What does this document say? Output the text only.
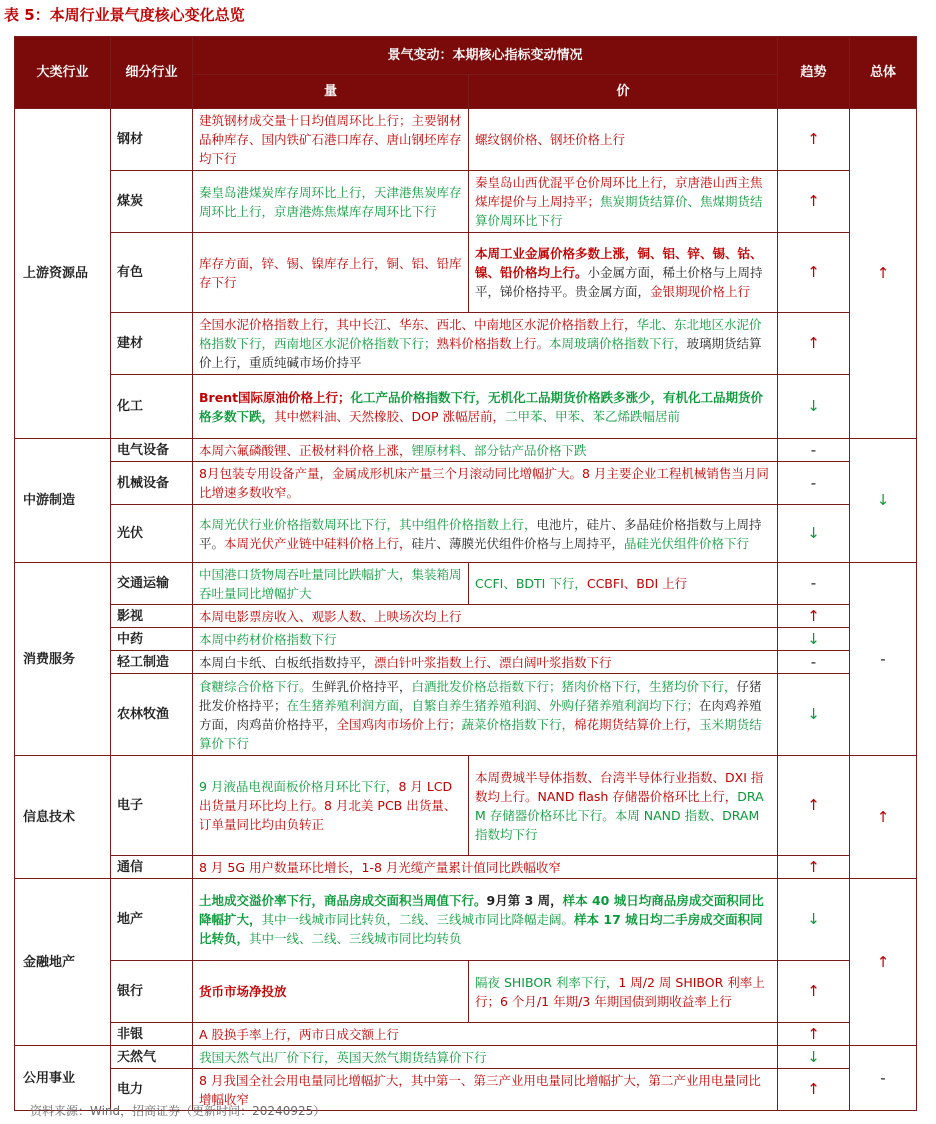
表 5：本周行业景气度核心变化总览
大类行业	细分行业	景气变动：本期核心指标变动情况		趋势	总体
		量	价		
上游资源品	钢材	建筑钢材成交量十日均值周环比上行；主要钢材品种库存、国内铁矿石港口库存、唐山钢坯库存均下行	螺纹钢价格、钢坯价格上行	↑	↑
	煤炭	秦皇岛港煤炭库存周环比上行，天津港焦炭库存周环比上行，京唐港炼焦煤库存周环比下行	秦皇岛山西优混平仓价周环比上行，京唐港山西主焦煤库提价与上周持平；焦炭期货结算价、焦煤期货结算价周环比下行	↑	
	有色	库存方面，锌、锡、镍库存上行，铜、铝、铅库存下行	本周工业金属价格多数上涨，铜、铝、锌、锡、钴、镍、铅价格均上行。小金属方面，稀土价格与上周持平，锑价格持平。贵金属方面，金银期现价格上行	↑	
	建材	全国水泥价格指数上行，其中长江、华东、西北、中南地区水泥价格指数上行，华北、东北地区水泥价格指数下行，西南地区水泥价格指数下行；熟料价格指数上行。本周玻璃价格指数下行，玻璃期货结算价上行，重质纯碱市场价持平		↑	
	化工	Brent国际原油价格上行；化工产品价格指数下行，无机化工品期货价格跌多涨少，有机化工品期货价格多数下跌，其中燃料油、天然橡胶、DOP 涨幅居前，二甲苯、甲苯、苯乙烯跌幅居前		↓	
中游制造	电气设备	本周六氟磷酸锂、正极材料价格上涨，锂原材料、部分钴产品价格下跌		-	↓
	机械设备	8月包装专用设备产量，金属成形机床产量三个月滚动同比增幅扩大。8 月主要企业工程机械销售当月同比增速多数收窄。		-	
	光伏	本周光伏行业价格指数周环比下行，其中组件价格指数上行，电池片，硅片、多晶硅价格指数与上周持平。本周光伏产业链中硅料价格上行，硅片、薄膜光伏组件价格与上周持平，晶硅光伏组件价格下行		↓	
消费服务	交通运输	中国港口货物周吞吐量同比跌幅扩大，集装箱周吞吐量同比增幅扩大	CCFI、BDTI 下行，CCBFI、BDI 上行	-	-
	影视	本周电影票房收入、观影人数、上映场次均上行		↑	
	中药	本周中药材价格指数下行		↓	
	轻工制造	本周白卡纸、白板纸指数持平，漂白针叶浆指数上行、漂白阔叶浆指数下行		-	
	农林牧渔	食糖综合价格下行。生鲜乳价格持平，白酒批发价格总指数下行；猪肉价格下行，生猪均价下行，仔猪批发价格持平；在生猪养殖利润方面，自繁自养生猪养殖利润、外购仔猪养殖利润均下行；在肉鸡养殖方面，肉鸡苗价格持平，全国鸡肉市场价上行；蔬菜价格指数下行，棉花期货结算价上行，玉米期货结算价下行		↓	
信息技术	电子	9 月液晶电视面板价格月环比下行，8 月 LCD 出货量月环比均上行。8 月北美 PCB 出货量、订单量同比均由负转正	本周费城半导体指数、台湾半导体行业指数、DXI 指数均上行。NAND flash 存储器价格环比上行，DRAM 存储器价格环比下行。本周 NAND 指数、DRAM 指数均下行	↑	↑
	通信	8 月 5G 用户数量环比增长，1-8 月光缆产量累计值同比跌幅收窄		↑	
金融地产	地产	土地成交溢价率下行，商品房成交面积当周值下行。9月第 3 周，样本 40 城日均商品房成交面积同比降幅扩大，其中一线城市同比转负，二线、三线城市同比降幅走阔。样本 17 城日均二手房成交面积同比转负，其中一线、二线、三线城市同比均转负		↓	↑
	银行	货币市场净投放	隔夜 SHIBOR 利率下行，1 周/2 周 SHIBOR 利率上行；6 个月/1 年期/3 年期国债到期收益率上行	↑	
	非银	A 股换手率上行，两市日成交额上行		↑	
公用事业	天然气	我国天然气出厂价下行，英国天然气期货结算价下行		↓	-
	电力	8 月我国全社会用电量同比增幅扩大，其中第一、第三产业用电量同比增幅扩大，第二产业用电量同比增幅收窄		↑	
资料来源：Wind，招商证券（更新时间：20240925）
